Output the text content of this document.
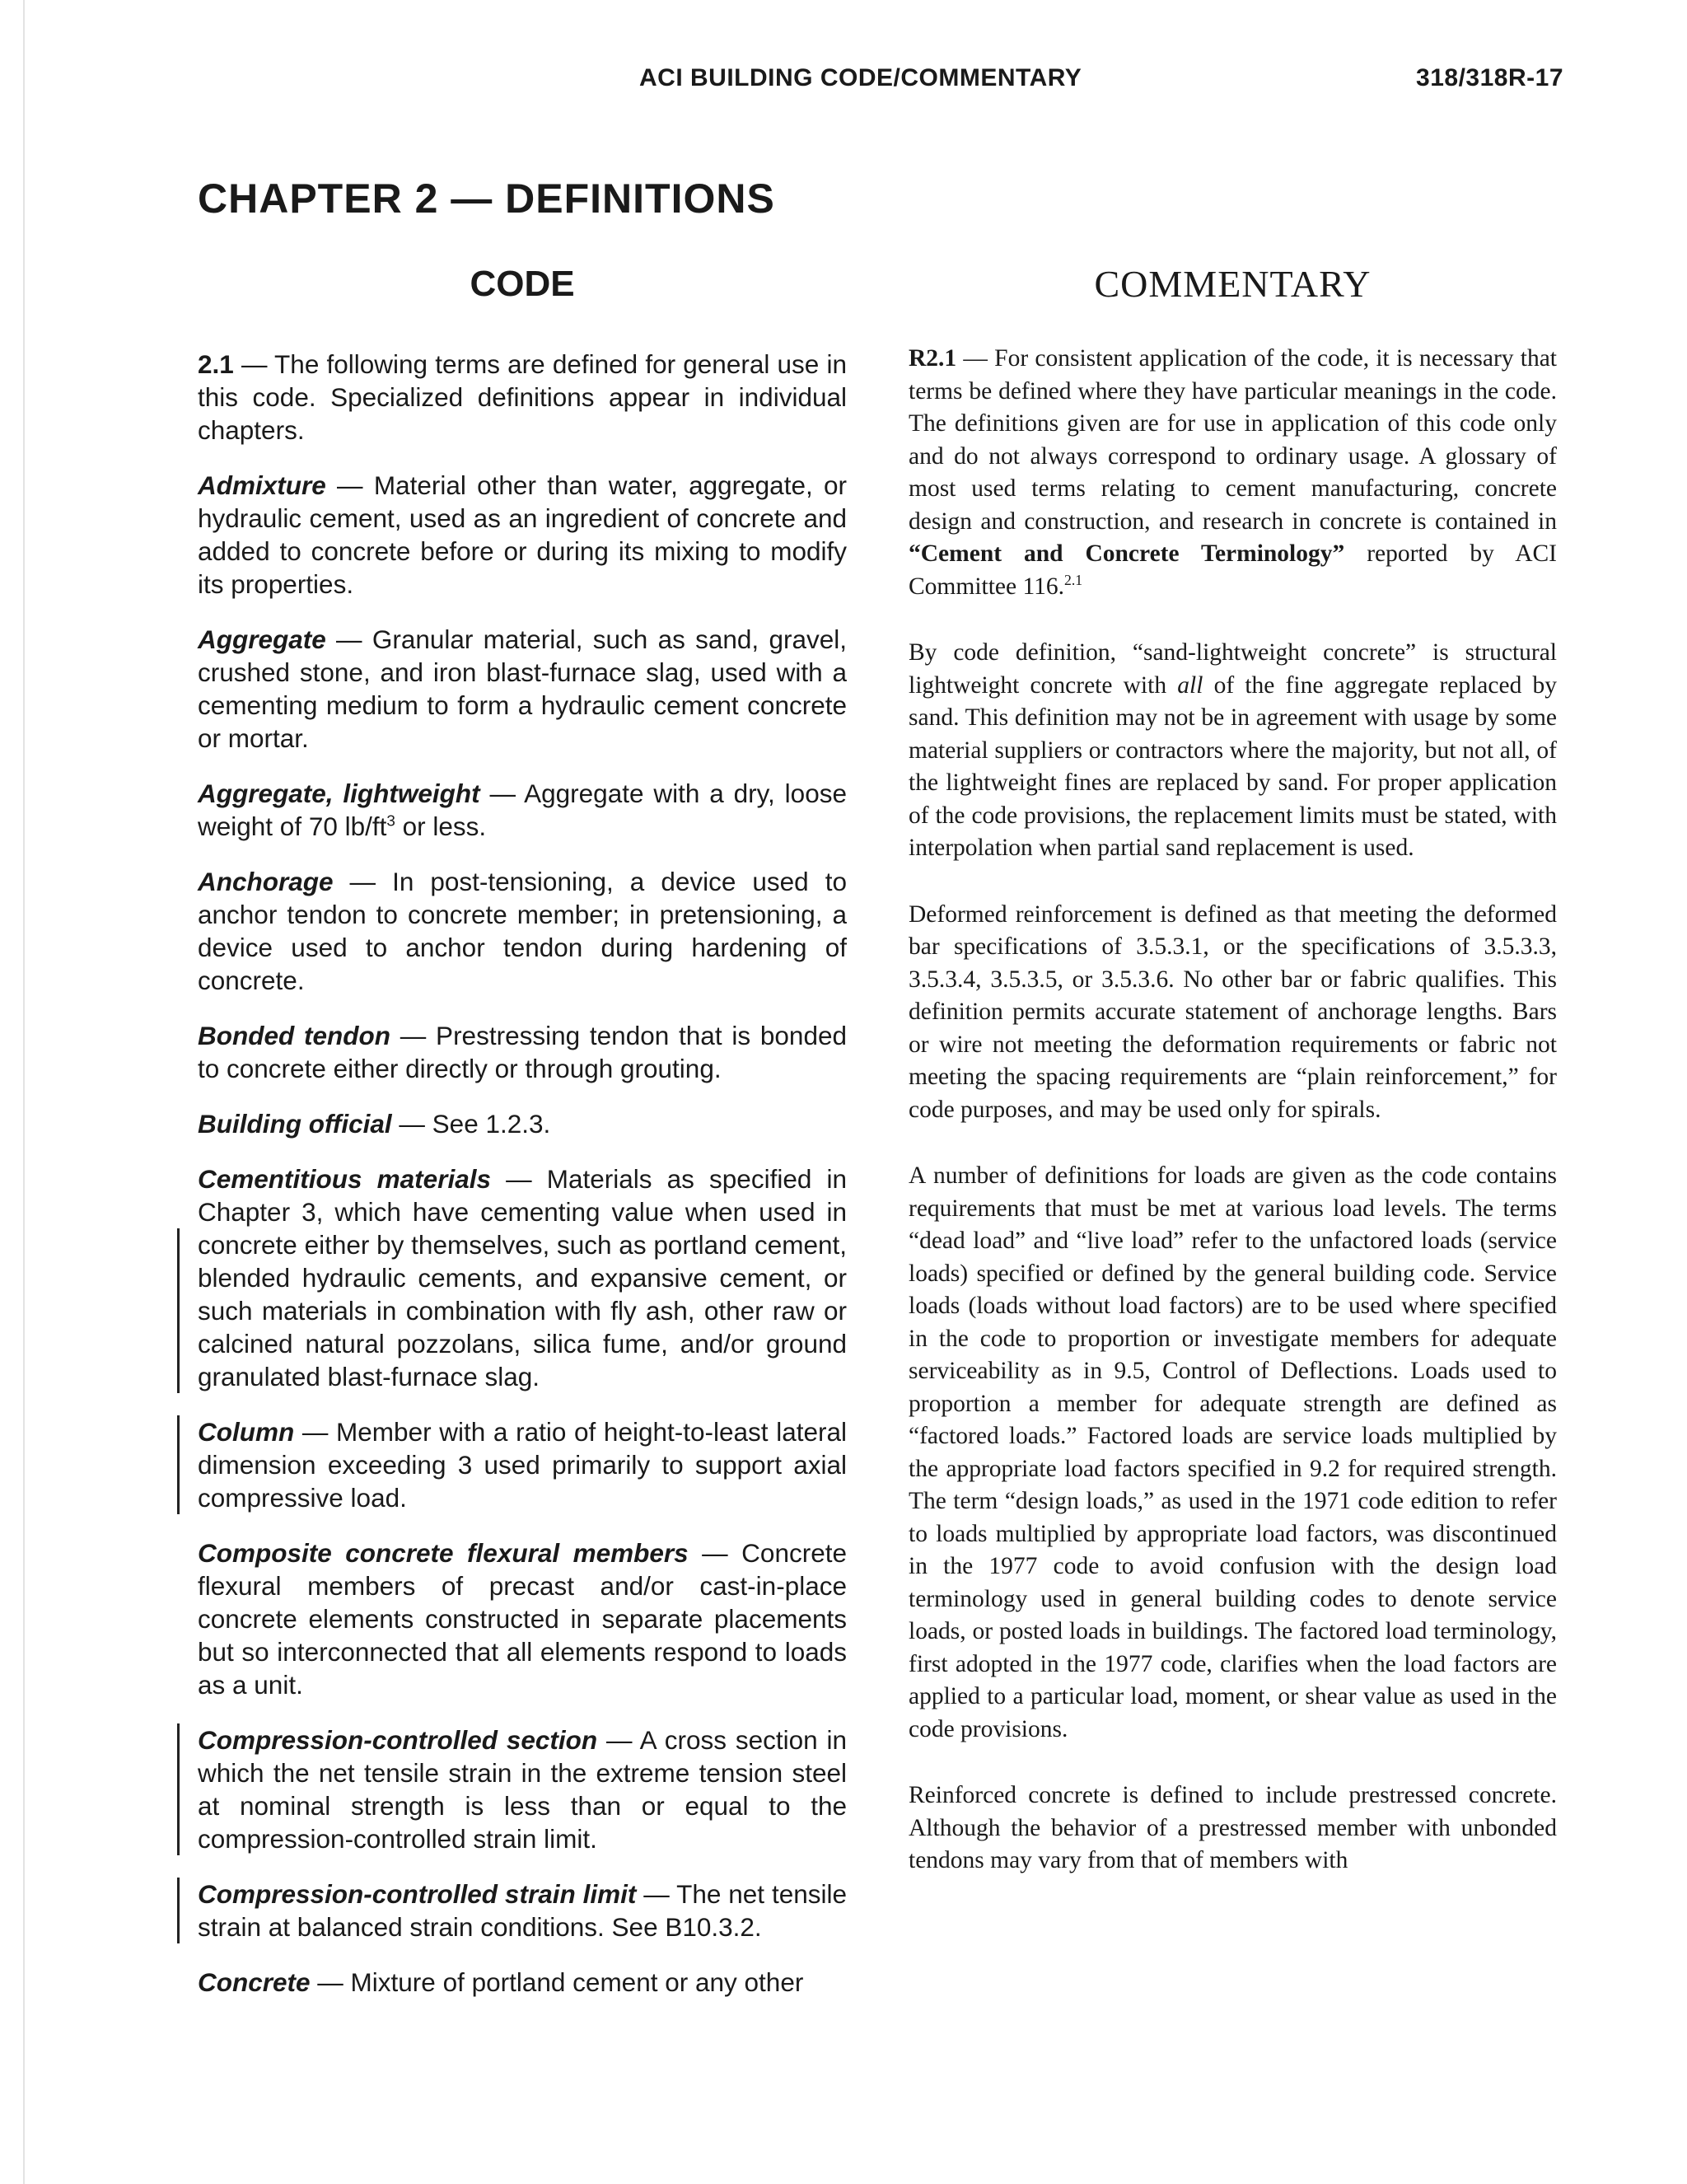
ACI BUILDING CODE/COMMENTARY	318/318R-17
CHAPTER 2 — DEFINITIONS
CODE	COMMENTARY

2.1 — The following terms are defined for general use in this code. Specialized definitions appear in individual chapters.

Admixture — Material other than water, aggregate, or hydraulic cement, used as an ingredient of concrete and added to concrete before or during its mixing to modify its properties.

Aggregate — Granular material, such as sand, gravel, crushed stone, and iron blast-furnace slag, used with a cementing medium to form a hydraulic cement concrete or mortar.

Aggregate, lightweight — Aggregate with a dry, loose weight of 70 $lb/ft^3$ or less.

Anchorage — In post-tensioning, a device used to anchor tendon to concrete member; in pretensioning, a device used to anchor tendon during hardening of concrete.

Bonded tendon — Prestressing tendon that is bonded to concrete either directly or through grouting.

Building official — See 1.2.3.

Cementitious materials — Materials as specified in Chapter 3, which have cementing value when used in concrete either by themselves, such as portland cement, blended hydraulic cements, and expansive cement, or such materials in combination with fly ash, other raw or calcined natural pozzolans, silica fume, and/or ground granulated blast-furnace slag.

Column — Member with a ratio of height-to-least lateral dimension exceeding 3 used primarily to support axial compressive load.

Composite concrete flexural members — Concrete flexural members of precast and/or cast-in-place concrete elements constructed in separate placements but so interconnected that all elements respond to loads as a unit.

Compression-controlled section — A cross section in which the net tensile strain in the extreme tension steel at nominal strength is less than or equal to the compression-controlled strain limit.

Compression-controlled strain limit — The net tensile strain at balanced strain conditions. See B10.3.2.

Concrete — Mixture of portland cement or any other

R2.1 — For consistent application of the code, it is necessary that terms be defined where they have particular meanings in the code. The definitions given are for use in application of this code only and do not always correspond to ordinary usage. A glossary of most used terms relating to cement manufacturing, concrete design and construction, and research in concrete is contained in “Cement and Concrete Terminology” reported by ACI Committee 116.$^{2.1}$

By code definition, “sand-lightweight concrete” is structural lightweight concrete with all of the fine aggregate replaced by sand. This definition may not be in agreement with usage by some material suppliers or contractors where the majority, but not all, of the lightweight fines are replaced by sand. For proper application of the code provisions, the replacement limits must be stated, with interpolation when partial sand replacement is used.

Deformed reinforcement is defined as that meeting the deformed bar specifications of 3.5.3.1, or the specifications of 3.5.3.3, 3.5.3.4, 3.5.3.5, or 3.5.3.6. No other bar or fabric qualifies. This definition permits accurate statement of anchorage lengths. Bars or wire not meeting the deformation requirements or fabric not meeting the spacing requirements are “plain reinforcement,” for code purposes, and may be used only for spirals.

A number of definitions for loads are given as the code contains requirements that must be met at various load levels. The terms “dead load” and “live load” refer to the unfactored loads (service loads) specified or defined by the general building code. Service loads (loads without load factors) are to be used where specified in the code to proportion or investigate members for adequate serviceability as in 9.5, Control of Deflections. Loads used to proportion a member for adequate strength are defined as “factored loads.” Factored loads are service loads multiplied by the appropriate load factors specified in 9.2 for required strength. The term “design loads,” as used in the 1971 code edition to refer to loads multiplied by appropriate load factors, was discontinued in the 1977 code to avoid confusion with the design load terminology used in general building codes to denote service loads, or posted loads in buildings. The factored load terminology, first adopted in the 1977 code, clarifies when the load factors are applied to a particular load, moment, or shear value as used in the code provisions.

Reinforced concrete is defined to include prestressed concrete. Although the behavior of a prestressed member with unbonded tendons may vary from that of members with
